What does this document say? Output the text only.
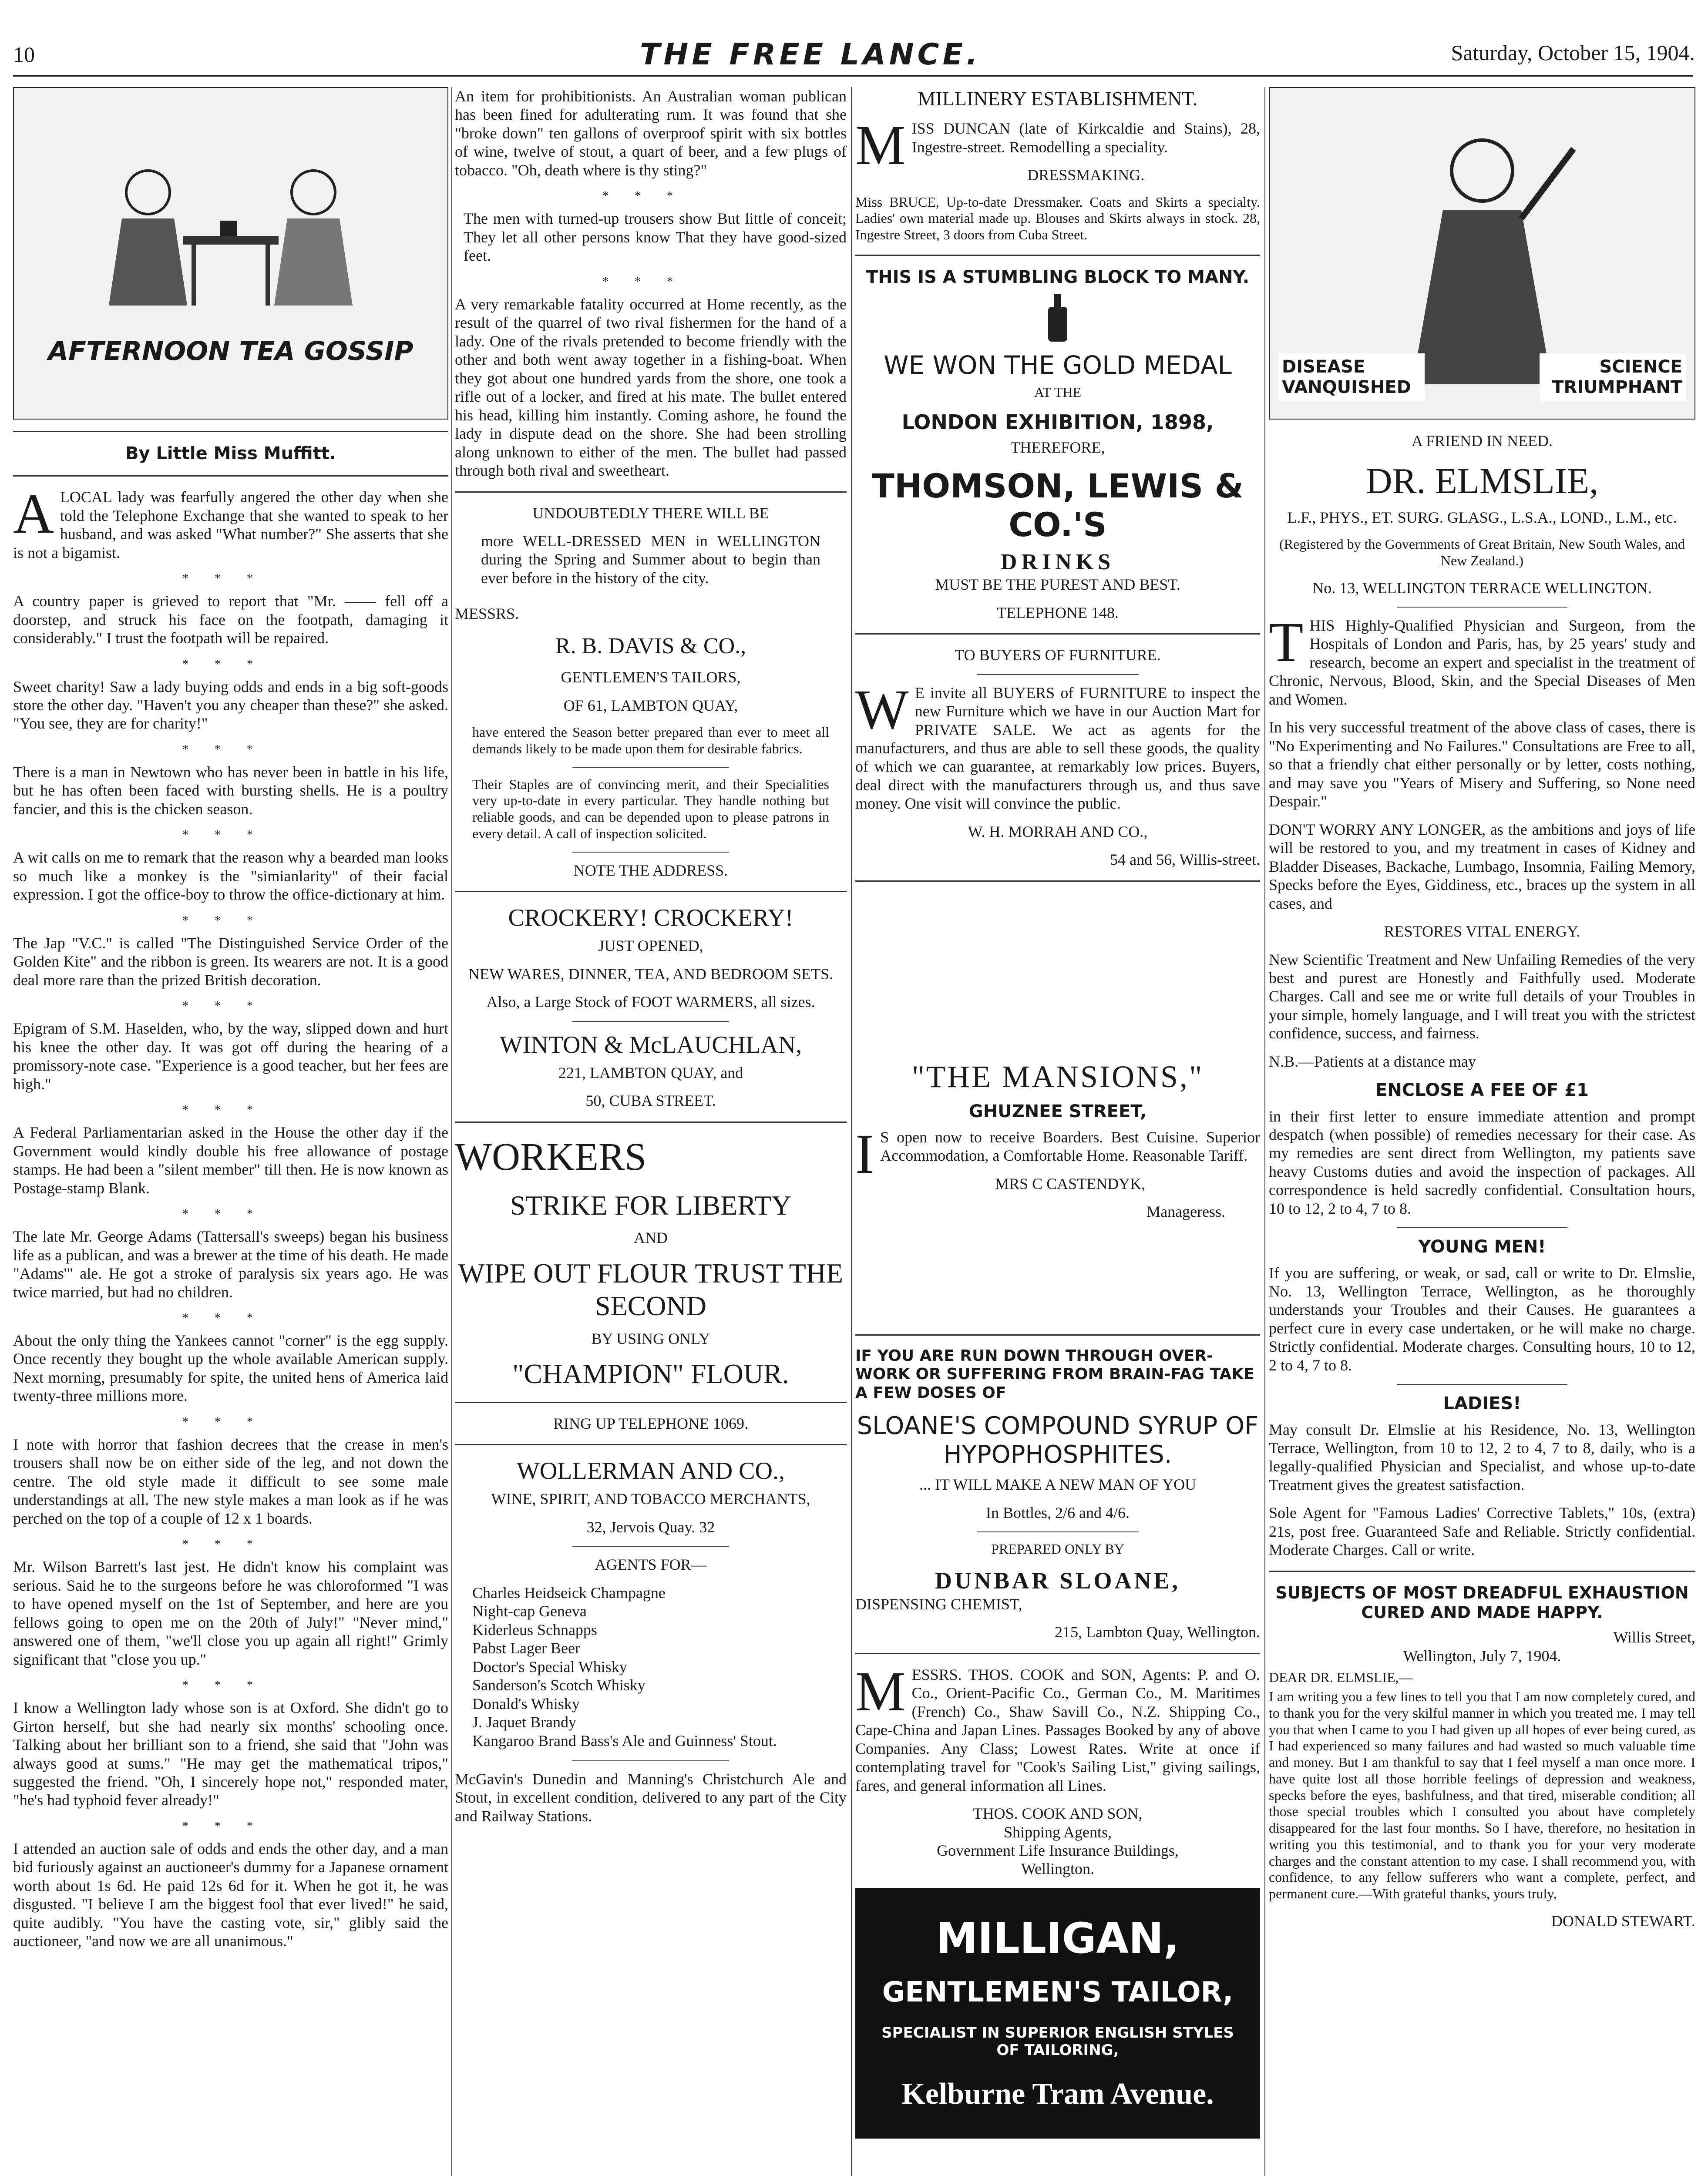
10	THE FREE LANCE.	Saturday, October 15, 1904.
AFTERNOON TEA GOSSIP
By Little Miss Muffitt.

ALOCAL lady was fearfully angered the other day when she told the Telephone Exchange that she wanted to speak to her husband, and was asked "What number?" She asserts that she is not a bigamist.

***

A country paper is grieved to report that "Mr. —— fell off a doorstep, and struck his face on the footpath, damaging it considerably." I trust the footpath will be repaired.

***

Sweet charity! Saw a lady buying odds and ends in a big soft-goods store the other day. "Haven't you any cheaper than these?" she asked. "You see, they are for charity!"

***

There is a man in Newtown who has never been in battle in his life, but he has often been faced with bursting shells. He is a poultry fancier, and this is the chicken season.

***

A wit calls on me to remark that the reason why a bearded man looks so much like a monkey is the "simianlarity" of their facial expression. I got the office-boy to throw the office-dictionary at him.

***

The Jap "V.C." is called "The Distinguished Service Order of the Golden Kite" and the ribbon is green. Its wearers are not. It is a good deal more rare than the prized British decoration.

***

Epigram of S.M. Haselden, who, by the way, slipped down and hurt his knee the other day. It was got off during the hearing of a promissory-note case. "Experience is a good teacher, but her fees are high."

***

A Federal Parliamentarian asked in the House the other day if the Government would kindly double his free allowance of postage stamps. He had been a "silent member" till then. He is now known as Postage-stamp Blank.

***

The late Mr. George Adams (Tattersall's sweeps) began his business life as a publican, and was a brewer at the time of his death. He made "Adams'" ale. He got a stroke of paralysis six years ago. He was twice married, but had no children.

***

About the only thing the Yankees cannot "corner" is the egg supply. Once recently they bought up the whole available American supply. Next morning, presumably for spite, the united hens of America laid twenty-three millions more.

***

I note with horror that fashion decrees that the crease in men's trousers shall now be on either side of the leg, and not down the centre. The old style made it difficult to see some male understandings at all. The new style makes a man look as if he was perched on the top of a couple of 12 x 1 boards.

***

Mr. Wilson Barrett's last jest. He didn't know his complaint was serious. Said he to the surgeons before he was chloroformed "I was to have opened myself on the 1st of September, and here are you fellows going to open me on the 20th of July!" "Never mind," answered one of them, "we'll close you up again all right!" Grimly significant that "close you up."

***

I know a Wellington lady whose son is at Oxford. She didn't go to Girton herself, but she had nearly six months' schooling once. Talking about her brilliant son to a friend, she said that "John was always good at sums." "He may get the mathematical tripos," suggested the friend. "Oh, I sincerely hope not," responded mater, "he's had typhoid fever already!"

***

I attended an auction sale of odds and ends the other day, and a man bid furiously against an auctioneer's dummy for a Japanese ornament worth about 1s 6d. He paid 12s 6d for it. When he got it, he was disgusted. "I believe I am the biggest fool that ever lived!" he said, quite audibly. "You have the casting vote, sir," glibly said the auctioneer, "and now we are all unanimous."

An item for prohibitionists. An Australian woman publican has been fined for adulterating rum. It was found that she "broke down" ten gallons of overproof spirit with six bottles of wine, twelve of stout, a quart of beer, and a few plugs of tobacco. "Oh, death where is thy sting?"

***

The men with turned-up trousers show But little of conceit; They let all other persons know That they have good-sized feet.

***

A very remarkable fatality occurred at Home recently, as the result of the quarrel of two rival fishermen for the hand of a lady. One of the rivals pretended to become friendly with the other and both went away together in a fishing-boat. When they got about one hundred yards from the shore, one took a rifle out of a locker, and fired at his mate. The bullet entered his head, killing him instantly. Coming ashore, he found the lady in dispute dead on the shore. She had been strolling along unknown to either of the men. The bullet had passed through both rival and sweetheart.

UNDOUBTEDLY THERE WILL BE

more WELL-DRESSED MEN in WELLINGTON during the Spring and Summer about to begin than ever before in the history of the city.

MESSRS.

R. B. DAVIS & CO.,

GENTLEMEN'S TAILORS,

OF 61, LAMBTON QUAY,

have entered the Season better prepared than ever to meet all demands likely to be made upon them for desirable fabrics.

Their Staples are of convincing merit, and their Specialities very up-to-date in every particular. They handle nothing but reliable goods, and can be depended upon to please patrons in every detail. A call of inspection solicited.

NOTE THE ADDRESS.

CROCKERY! CROCKERY!

JUST OPENED,

NEW WARES, DINNER, TEA, AND BEDROOM SETS.

Also, a Large Stock of FOOT WARMERS, all sizes.

WINTON & McLAUCHLAN,

221, LAMBTON QUAY, and

50, CUBA STREET.

WORKERS
STRIKE FOR LIBERTY

AND

WIPE OUT FLOUR TRUST THE SECOND

BY USING ONLY

"CHAMPION" FLOUR.

RING UP TELEPHONE 1069.

WOLLERMAN AND CO.,

WINE, SPIRIT, AND TOBACCO MERCHANTS,

32, Jervois Quay. 32

AGENTS FOR—

Charles Heidseick Champagne

Night-cap Geneva

Kiderleus Schnapps

Pabst Lager Beer

Doctor's Special Whisky

Sanderson's Scotch Whisky

Donald's Whisky

J. Jaquet Brandy

Kangaroo Brand Bass's Ale and Guinness' Stout.

McGavin's Dunedin and Manning's Christchurch Ale and Stout, in excellent condition, delivered to any part of the City and Railway Stations.

MILLINERY ESTABLISHMENT.

MISS DUNCAN (late of Kirkcaldie and Stains), 28, Ingestre-street. Remodelling a speciality.

DRESSMAKING.

Miss BRUCE, Up-to-date Dressmaker. Coats and Skirts a specialty. Ladies' own material made up. Blouses and Skirts always in stock. 28, Ingestre Street, 3 doors from Cuba Street.

THIS IS A STUMBLING BLOCK TO MANY.
WE WON THE GOLD MEDAL

AT THE

LONDON EXHIBITION, 1898,

THEREFORE,

THOMSON, LEWIS & CO.'S
DRINKS

MUST BE THE PUREST AND BEST.

TELEPHONE 148.

TO BUYERS OF FURNITURE.

WE invite all BUYERS of FURNITURE to inspect the new Furniture which we have in our Auction Mart for PRIVATE SALE. We act as agents for the manufacturers, and thus are able to sell these goods, the quality of which we can guarantee, at remarkably low prices. Buyers, deal direct with the manufacturers through us, and thus save money. One visit will convince the public.

W. H. MORRAH AND CO.,

54 and 56, Willis-street.

"THE MANSIONS,"
GHUZNEE STREET,

IS open now to receive Boarders. Best Cuisine. Superior Accommodation, a Comfortable Home. Reasonable Tariff.

MRS C CASTENDYK,

Manageress.

IF YOU ARE RUN DOWN THROUGH OVER-WORK OR SUFFERING FROM BRAIN-FAG TAKE A FEW DOSES OF

SLOANE'S COMPOUND SYRUP OF HYPOPHOSPHITES.

... IT WILL MAKE A NEW MAN OF YOU

In Bottles, 2/6 and 4/6.

PREPARED ONLY BY

DUNBAR SLOANE,

DISPENSING CHEMIST,

215, Lambton Quay, Wellington.

MESSRS. THOS. COOK and SON, Agents: P. and O. Co., Orient-Pacific Co., German Co., M. Maritimes (French) Co., Shaw Savill Co., N.Z. Shipping Co., Cape-China and Japan Lines. Passages Booked by any of above Companies. Any Class; Lowest Rates. Write at once if contemplating travel for "Cook's Sailing List," giving sailings, fares, and general information all Lines.

THOS. COOK AND SON,

Shipping Agents,

Government Life Insurance Buildings,

Wellington.

MILLIGAN,
GENTLEMEN'S TAILOR,
SPECIALIST IN SUPERIOR ENGLISH STYLES OF TAILORING,
Kelburne Tram Avenue.
DISEASE VANQUISHED
SCIENCE TRIUMPHANT

A FRIEND IN NEED.

DR. ELMSLIE,

L.F., PHYS., ET. SURG. GLASG., L.S.A., LOND., L.M., etc.

(Registered by the Governments of Great Britain, New South Wales, and New Zealand.)

No. 13, WELLINGTON TERRACE WELLINGTON.

THIS Highly-Qualified Physician and Surgeon, from the Hospitals of London and Paris, has, by 25 years' study and research, become an expert and specialist in the treatment of Chronic, Nervous, Blood, Skin, and the Special Diseases of Men and Women.

In his very successful treatment of the above class of cases, there is "No Experimenting and No Failures." Consultations are Free to all, so that a friendly chat either personally or by letter, costs nothing, and may save you "Years of Misery and Suffering, so None need Despair."

DON'T WORRY ANY LONGER, as the ambitions and joys of life will be restored to you, and my treatment in cases of Kidney and Bladder Diseases, Backache, Lumbago, Insomnia, Failing Memory, Specks before the Eyes, Giddiness, etc., braces up the system in all cases, and

RESTORES VITAL ENERGY.

New Scientific Treatment and New Unfailing Remedies of the very best and purest are Honestly and Faithfully used. Moderate Charges. Call and see me or write full details of your Troubles in your simple, homely language, and I will treat you with the strictest confidence, success, and fairness.

N.B.—Patients at a distance may

ENCLOSE A FEE OF £1

in their first letter to ensure immediate attention and prompt despatch (when possible) of remedies necessary for their case. As my remedies are sent direct from Wellington, my patients save heavy Customs duties and avoid the inspection of packages. All correspondence is held sacredly confidential. Consultation hours, 10 to 12, 2 to 4, 7 to 8.

YOUNG MEN!

If you are suffering, or weak, or sad, call or write to Dr. Elmslie, No. 13, Wellington Terrace, Wellington, as he thoroughly understands your Troubles and their Causes. He guarantees a perfect cure in every case undertaken, or he will make no charge. Strictly confidential. Moderate charges. Consulting hours, 10 to 12, 2 to 4, 7 to 8.

LADIES!

May consult Dr. Elmslie at his Residence, No. 13, Wellington Terrace, Wellington, from 10 to 12, 2 to 4, 7 to 8, daily, who is a legally-qualified Physician and Specialist, and whose up-to-date Treatment gives the greatest satisfaction.

Sole Agent for "Famous Ladies' Corrective Tablets," 10s, (extra) 21s, post free. Guaranteed Safe and Reliable. Strictly confidential. Moderate Charges. Call or write.

SUBJECTS OF MOST DREADFUL EXHAUSTION CURED AND MADE HAPPY.

Willis Street,

Wellington, July 7, 1904.

DEAR DR. ELMSLIE,—

I am writing you a few lines to tell you that I am now completely cured, and to thank you for the very skilful manner in which you treated me. I may tell you that when I came to you I had given up all hopes of ever being cured, as I had experienced so many failures and had wasted so much valuable time and money. But I am thankful to say that I feel myself a man once more. I have quite lost all those horrible feelings of depression and weakness, specks before the eyes, bashfulness, and that tired, miserable condition; all those special troubles which I consulted you about have completely disappeared for the last four months. So I have, therefore, no hesitation in writing you this testimonial, and to thank you for your very moderate charges and the constant attention to my case. I shall recommend you, with confidence, to any fellow sufferers who want a complete, perfect, and permanent cure.—With grateful thanks, yours truly,

DONALD STEWART.
